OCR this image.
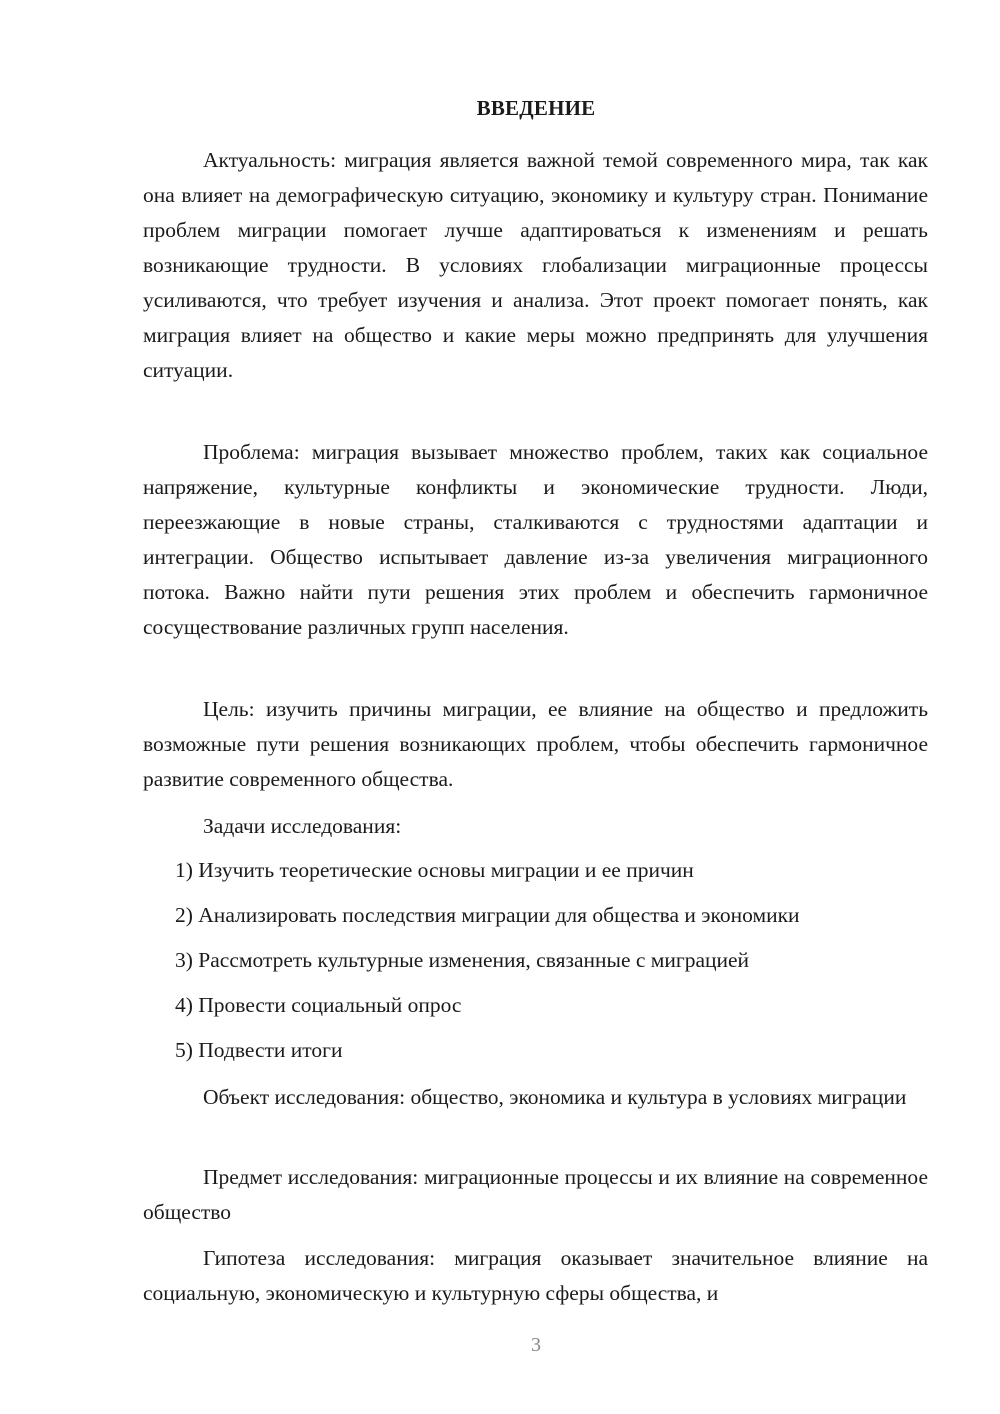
ВВЕДЕНИЕ

Актуальность: миграция является важной темой современного мира, так как она влияет на демографическую ситуацию, экономику и культуру стран. Понимание проблем миграции помогает лучше адаптироваться к изменениям и решать возникающие трудности. В условиях глобализации миграционные процессы усиливаются, что требует изучения и анализа. Этот проект помогает понять, как миграция влияет на общество и какие меры можно предпринять для улучшения ситуации.

Проблема: миграция вызывает множество проблем, таких как социальное напряжение, культурные конфликты и экономические трудности. Люди, переезжающие в новые страны, сталкиваются с трудностями адаптации и интеграции. Общество испытывает давление из-за увеличения миграционного потока. Важно найти пути решения этих проблем и обеспечить гармоничное сосуществование различных групп населения.

Цель: изучить причины миграции, ее влияние на общество и предложить возможные пути решения возникающих проблем, чтобы обеспечить гармоничное развитие современного общества.

Задачи исследования:

1) Изучить теоретические основы миграции и ее причин

2) Анализировать последствия миграции для общества и экономики

3) Рассмотреть культурные изменения, связанные с миграцией

4) Провести социальный опрос

5) Подвести итоги

Объект исследования: общество, экономика и культура в условиях миграции

Предмет исследования: миграционные процессы и их влияние на современное общество

Гипотеза исследования: миграция оказывает значительное влияние на социальную, экономическую и культурную сферы общества, и

3
